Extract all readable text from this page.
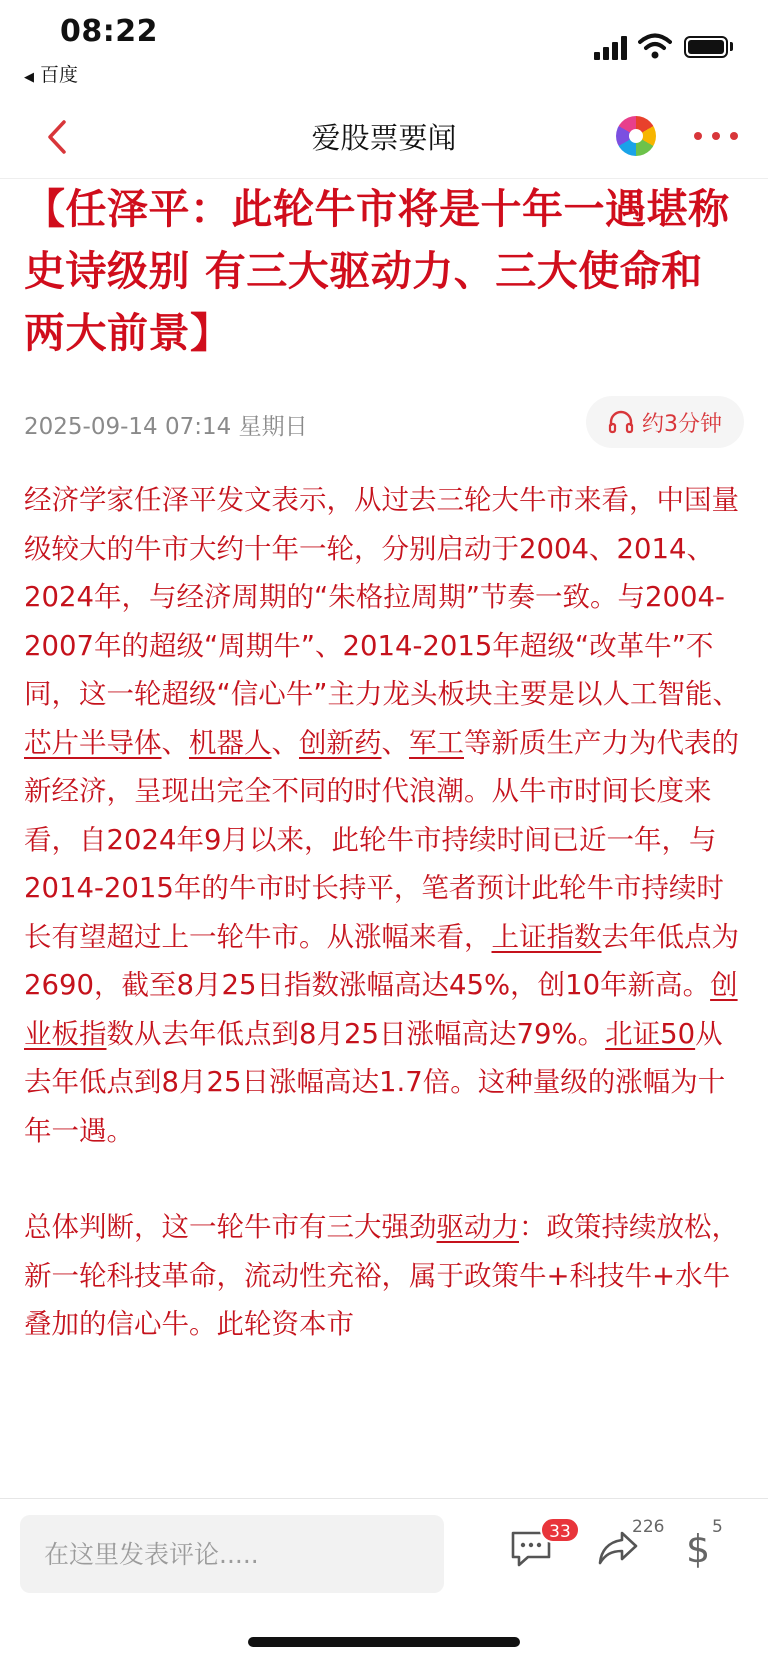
08:22
◀ 百度
爱股票要闻
【任泽平：此轮牛市将是十年一遇堪称史诗级别 有三大驱动力、三大使命和两大前景】
2025-09-14 07:14 星期日	约3分钟

经济学家任泽平发文表示，从过去三轮大牛市来看，中国量级较大的牛市大约十年一轮，分别启动于2004、2014、2024年，与经济周期的“朱格拉周期”节奏一致。与2004-2007年的超级“周期牛”、2014-2015年超级“改革牛”不同，这一轮超级“信心牛”主力龙头板块主要是以人工智能、芯片半导体、机器人、创新药、军工等新质生产力为代表的新经济，呈现出完全不同的时代浪潮。从牛市时间长度来看，自2024年9月以来，此轮牛市持续时间已近一年，与2014-2015年的牛市时长持平，笔者预计此轮牛市持续时长有望超过上一轮牛市。从涨幅来看，上证指数去年低点为2690，截至8月25日指数涨幅高达45%，创10年新高。创业板指数从去年低点到8月25日涨幅高达79%。北证50从去年低点到8月25日涨幅高达1.7倍。这种量级的涨幅为十年一遇。

总体判断，这一轮牛市有三大强劲驱动力：政策持续放松，新一轮科技革命，流动性充裕，属于政策牛+科技牛+水牛叠加的信心牛。此轮资本市

在这里发表评论.....
33	226 $ 5
